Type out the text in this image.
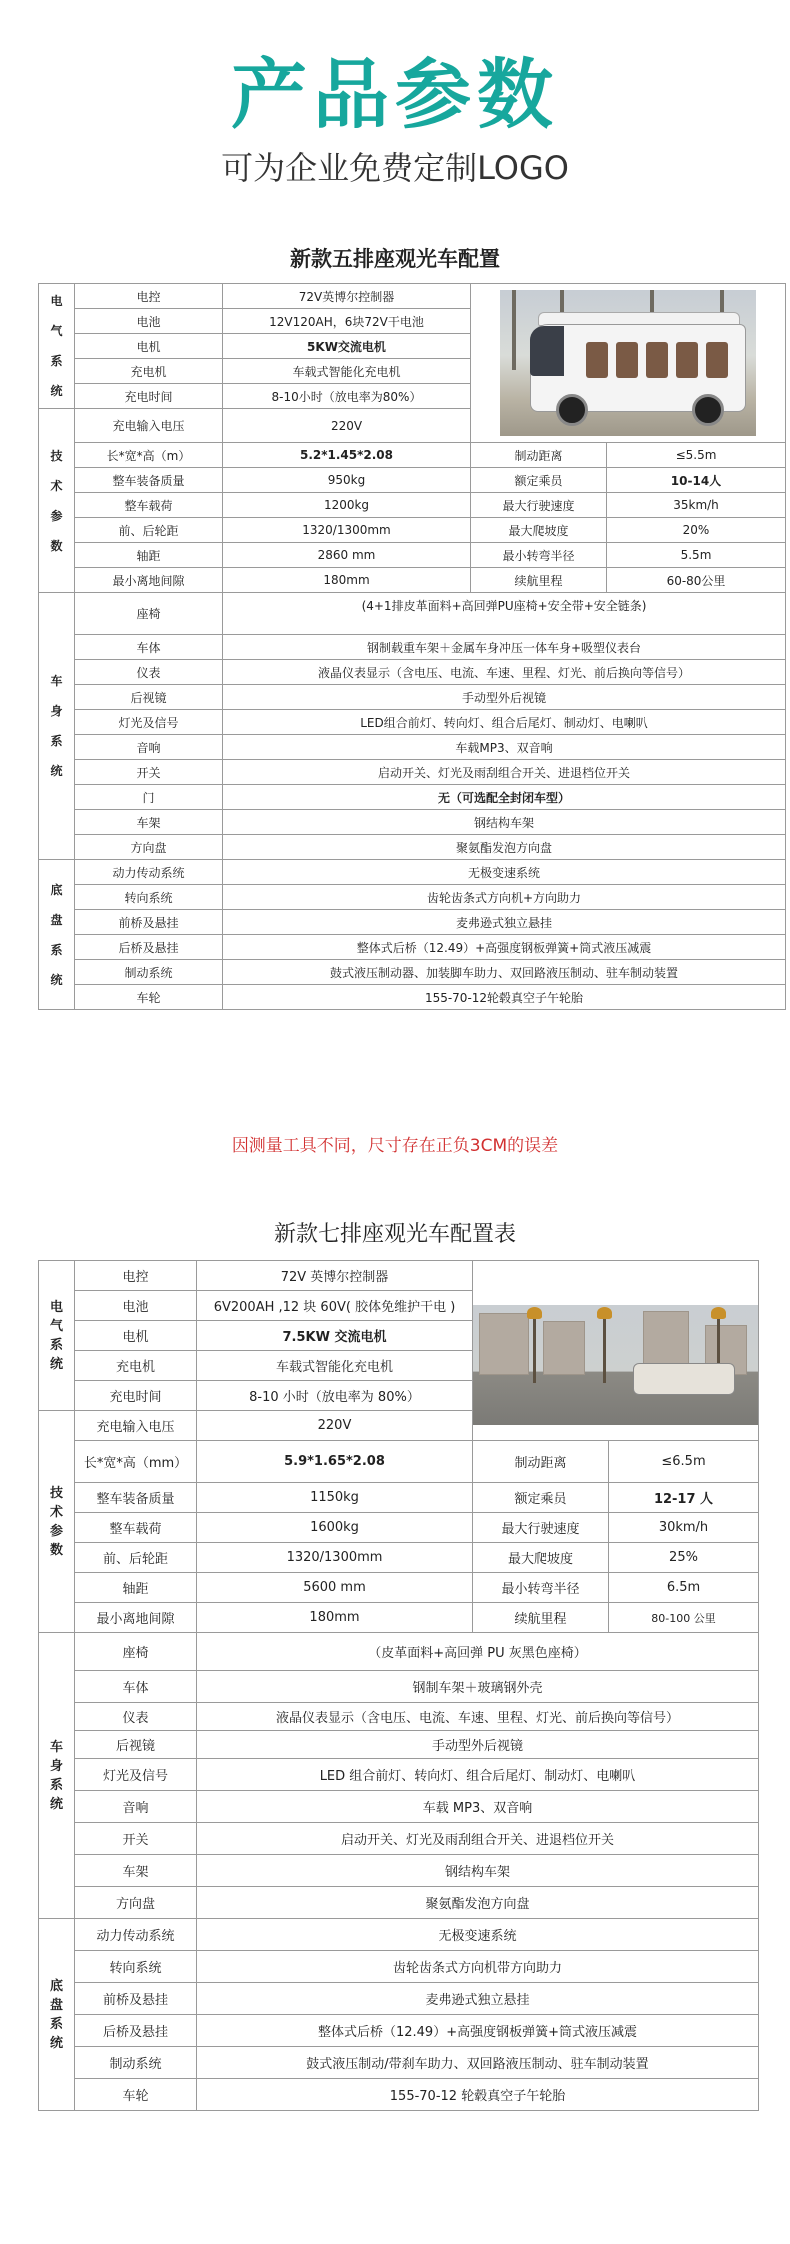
产品参数
可为企业免费定制LOGO
新款五排座观光车配置
电
气
系
统	电控	72V英博尔控制器		

	电池	12V120AH，6块72V干电池		
	电机	5KW交流电机		
	充电机	车载式智能化充电机		
	充电时间	8-10小时（放电率为80%）		
技
术
参
数	充电输入电压	220V		
	长*宽*高（m）	5.2*1.45*2.08	制动距离	≤5.5m
	整车装备质量	950kg	额定乘员	10-14人
	整车载荷	1200kg	最大行驶速度	35km/h
	前、后轮距	1320/1300mm	最大爬坡度	20%
	轴距	2860 mm	最小转弯半径	5.5m
	最小离地间隙	180mm	续航里程	60-80公里
车
身
系
统	座椅	(4+1排皮革面料+高回弹PU座椅+安全带+安全链条)		
	车体	钢制载重车架＋金属车身冲压一体车身+吸塑仪表台		
	仪表	液晶仪表显示（含电压、电流、车速、里程、灯光、前后换向等信号）		
	后视镜	手动型外后视镜		
	灯光及信号	LED组合前灯、转向灯、组合后尾灯、制动灯、电喇叭		
	音响	车载MP3、双音响		
	开关	启动开关、灯光及雨刮组合开关、进退档位开关		
	门	无（可选配全封闭车型）		
	车架	钢结构车架		
	方向盘	聚氨酯发泡方向盘		
底
盘
系
统	动力传动系统	无极变速系统		
	转向系统	齿轮齿条式方向机+方向助力		
	前桥及悬挂	麦弗逊式独立悬挂		
	后桥及悬挂	整体式后桥（12.49）+高强度钢板弹簧+筒式液压减震		
	制动系统	鼓式液压制动器、加装脚车助力、双回路液压制动、驻车制动装置		
	车轮	155-70-12轮毂真空子午轮胎		
因测量工具不同，尺寸存在正负3CM的误差
新款七排座观光车配置表
电
气
系
统	电控	72V 英博尔控制器		

	电池	6V200AH ,12 块 60V( 胶体免维护干电 )		
	电机	7.5KW 交流电机		
	充电机	车载式智能化充电机		
	充电时间	8-10 小时（放电率为 80%）		
技
术
参
数	充电输入电压	220V		
	长*宽*高（mm）	5.9*1.65*2.08	制动距离	≤6.5m
	整车装备质量	1150kg	额定乘员	12-17 人
	整车载荷	1600kg	最大行驶速度	30km/h
	前、后轮距	1320/1300mm	最大爬坡度	25%
	轴距	5600 mm	最小转弯半径	6.5m
	最小离地间隙	180mm	续航里程	80-100 公里
车
身
系
统	座椅	（皮革面料+高回弹 PU 灰黑色座椅）		
	车体	钢制车架＋玻璃钢外壳		
	仪表	液晶仪表显示（含电压、电流、车速、里程、灯光、前后换向等信号）		
	后视镜	手动型外后视镜		
	灯光及信号	LED 组合前灯、转向灯、组合后尾灯、制动灯、电喇叭		
	音响	车载 MP3、双音响		
	开关	启动开关、灯光及雨刮组合开关、进退档位开关		
	车架	钢结构车架		
	方向盘	聚氨酯发泡方向盘		
底
盘
系
统	动力传动系统	无极变速系统		
	转向系统	齿轮齿条式方向机带方向助力		
	前桥及悬挂	麦弗逊式独立悬挂		
	后桥及悬挂	整体式后桥（12.49）+高强度钢板弹簧+筒式液压减震		
	制动系统	鼓式液压制动/带刹车助力、双回路液压制动、驻车制动装置		
	车轮	155-70-12 轮毂真空子午轮胎		
